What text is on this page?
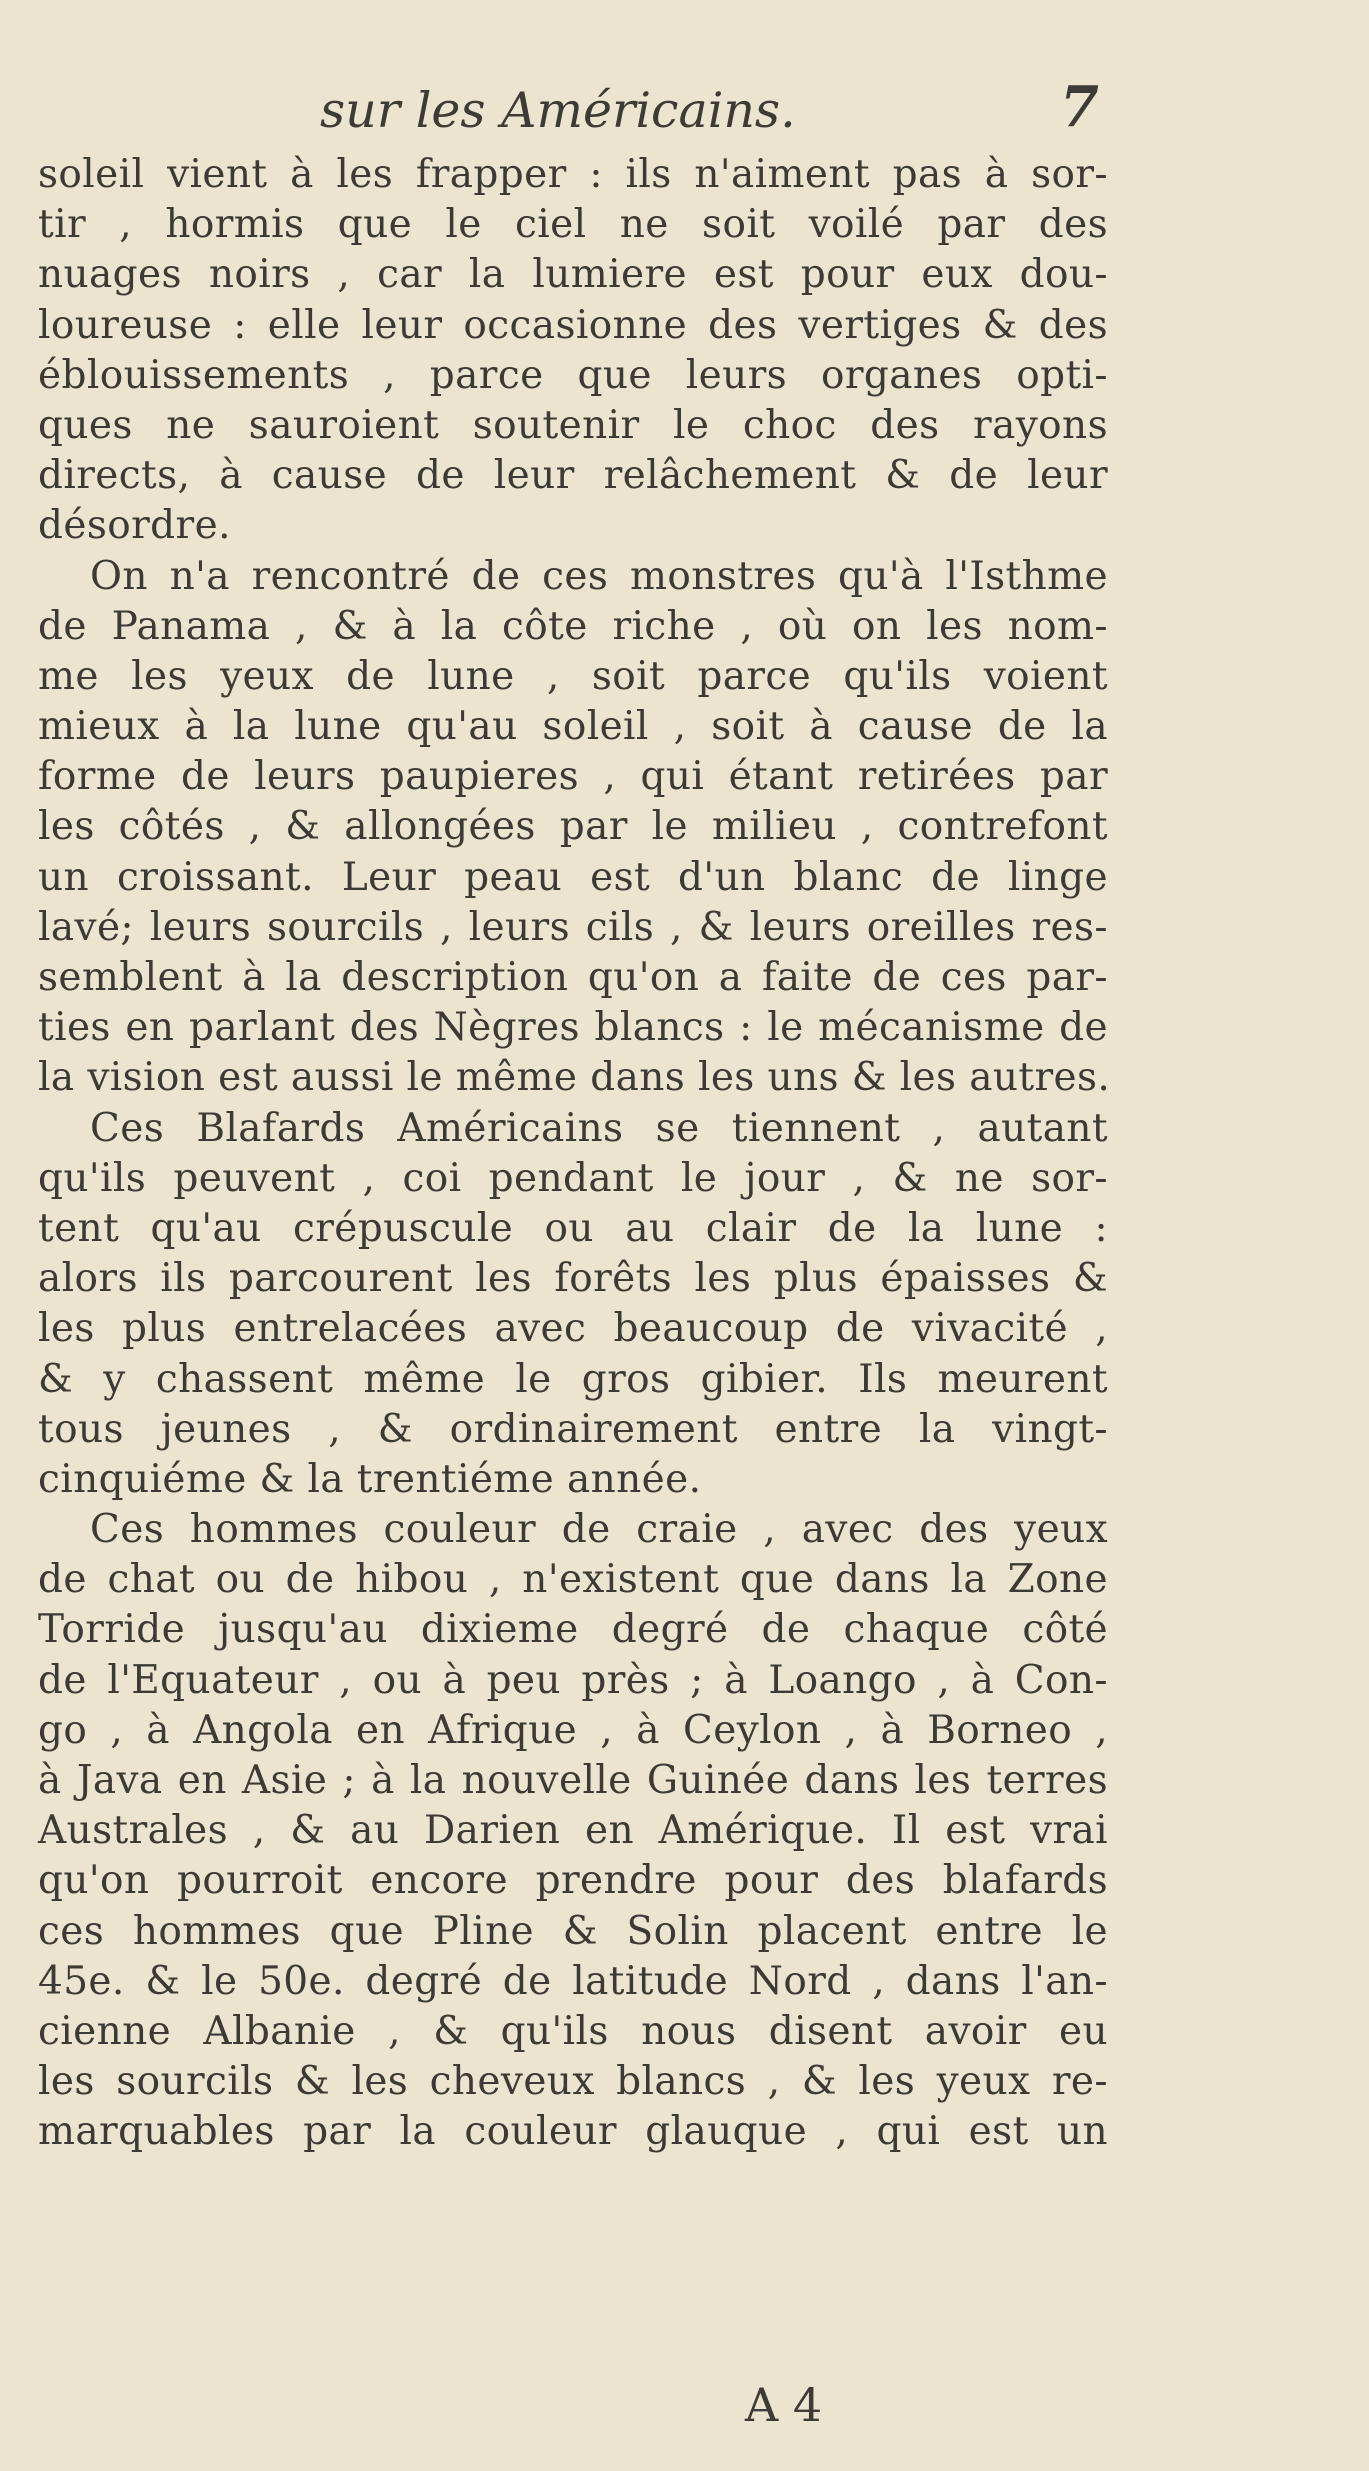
sur les Américains.	7
soleil vient à les frapper : ils n'aiment pas à sor-
tir , hormis que le ciel ne soit voilé par des
nuages noirs , car la lumiere est pour eux dou-
loureuse : elle leur occasionne des vertiges & des
éblouissements , parce que leurs organes opti-
ques ne sauroient soutenir le choc des rayons
directs, à cause de leur relâchement & de leur
désordre.
On n'a rencontré de ces monstres qu'à l'Isthme
de Panama , & à la côte riche , où on les nom-
me les yeux de lune , soit parce qu'ils voient
mieux à la lune qu'au soleil , soit à cause de la
forme de leurs paupieres , qui étant retirées par
les côtés , & allongées par le milieu , contrefont
un croissant. Leur peau est d'un blanc de linge
lavé; leurs sourcils , leurs cils , & leurs oreilles res-
semblent à la description qu'on a faite de ces par-
ties en parlant des Nègres blancs : le mécanisme de
la vision est aussi le même dans les uns & les autres.
Ces Blafards Américains se tiennent , autant
qu'ils peuvent , coi pendant le jour , & ne sor-
tent qu'au crépuscule ou au clair de la lune :
alors ils parcourent les forêts les plus épaisses &
les plus entrelacées avec beaucoup de vivacité ,
& y chassent même le gros gibier. Ils meurent
tous jeunes , & ordinairement entre la vingt-
cinquiéme & la trentiéme année.
Ces hommes couleur de craie , avec des yeux
de chat ou de hibou , n'existent que dans la Zone
Torride jusqu'au dixieme degré de chaque côté
de l'Equateur , ou à peu près ; à Loango , à Con-
go , à Angola en Afrique , à Ceylon , à Borneo ,
à Java en Asie ; à la nouvelle Guinée dans les terres
Australes , & au Darien en Amérique. Il est vrai
qu'on pourroit encore prendre pour des blafards
ces hommes que Pline & Solin placent entre le
45e. & le 50e. degré de latitude Nord , dans l'an-
cienne Albanie , & qu'ils nous disent avoir eu
les sourcils & les cheveux blancs , & les yeux re-
marquables par la couleur glauque , qui est un
A 4
